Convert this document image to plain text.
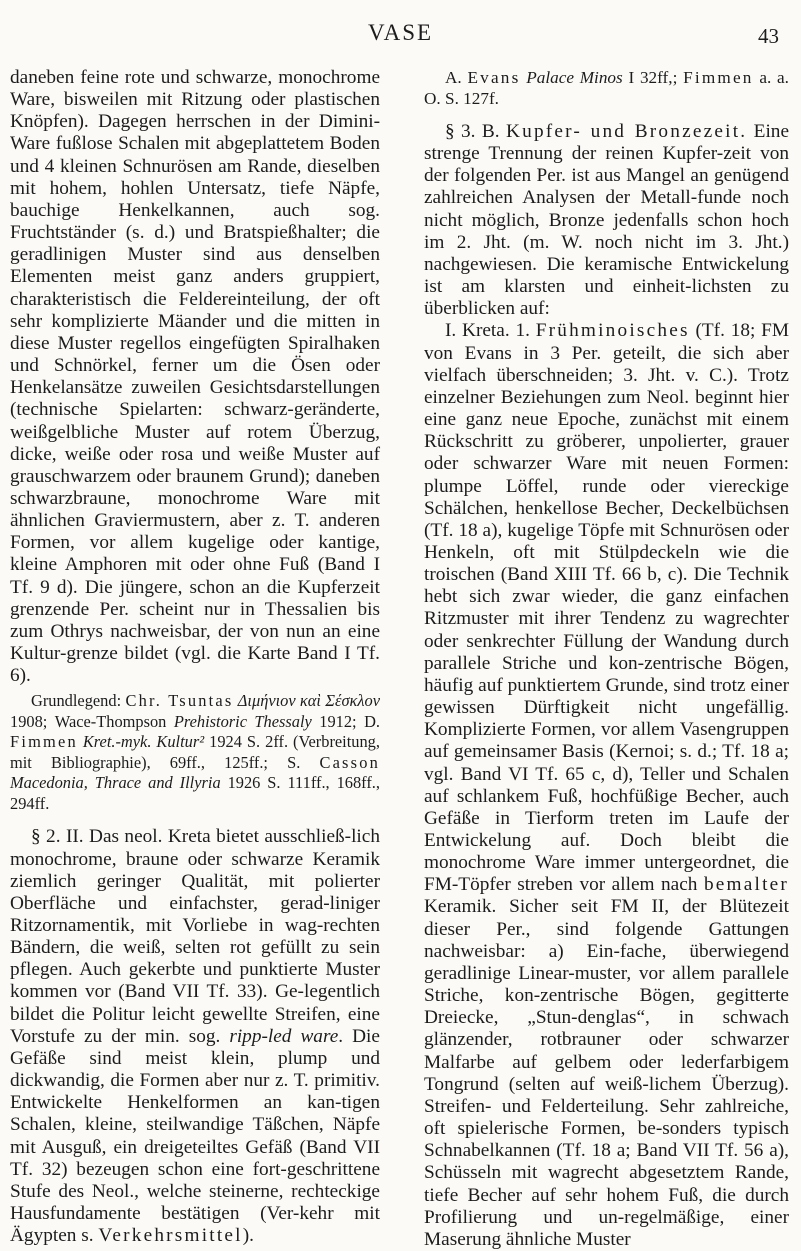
VASE	43

daneben feine rote und schwarze, monochrome Ware, bisweilen mit Ritzung oder plastischen Knöpfen). Dagegen herrschen in der Dimini-Ware fußlose Schalen mit abgeplattetem Boden und 4 kleinen Schnurösen am Rande, dieselben mit hohem, hohlen Untersatz, tiefe Näpfe, bauchige Henkelkannen, auch sog. Fruchtständer (s. d.) und Bratspießhalter; die geradlinigen Muster sind aus denselben Elementen meist ganz anders gruppiert, charakteristisch die Feldereinteilung, der oft sehr komplizierte Mäander und die mitten in diese Muster regellos eingefügten Spiralhaken und Schnörkel, ferner um die Ösen oder Henkelansätze zuweilen Gesichtsdarstellungen (technische Spielarten: schwarz-geränderte, weißgelbliche Muster auf rotem Überzug, dicke, weiße oder rosa und weiße Muster auf grauschwarzem oder braunem Grund); daneben schwarzbraune, monochrome Ware mit ähnlichen Graviermustern, aber z. T. anderen Formen, vor allem kugelige oder kantige, kleine Amphoren mit oder ohne Fuß (Band I Tf. 9 d). Die jüngere, schon an die Kupferzeit grenzende Per. scheint nur in Thessalien bis zum Othrys nachweisbar, der von nun an eine Kultur-grenze bildet (vgl. die Karte Band I Tf. 6).

Grundlegend: Chr. Tsuntas Διμήνιον καὶ Σέσκλον 1908; Wace-Thompson Prehistoric Thessaly 1912; D. Fimmen Kret.-myk. Kultur² 1924 S. 2ff. (Verbreitung, mit Bibliographie), 69ff., 125ff.; S. Casson Macedonia, Thrace and Illyria 1926 S. 111ff., 168ff., 294ff.

§ 2. II. Das neol. Kreta bietet ausschließ-lich monochrome, braune oder schwarze Keramik ziemlich geringer Qualität, mit polierter Oberfläche und einfachster, gerad-liniger Ritzornamentik, mit Vorliebe in wag-rechten Bändern, die weiß, selten rot gefüllt zu sein pflegen. Auch gekerbte und punktierte Muster kommen vor (Band VII Tf. 33). Ge-legentlich bildet die Politur leicht gewellte Streifen, eine Vorstufe zu der min. sog. ripp-led ware. Die Gefäße sind meist klein, plump und dickwandig, die Formen aber nur z. T. primitiv. Entwickelte Henkelformen an kan-tigen Schalen, kleine, steilwandige Täßchen, Näpfe mit Ausguß, ein dreigeteiltes Gefäß (Band VII Tf. 32) bezeugen schon eine fort-geschrittene Stufe des Neol., welche steinerne, rechteckige Hausfundamente bestätigen (Ver-kehr mit Ägypten s. Verkehrsmittel).

A. Evans Palace Minos I 32ff,; Fimmen a. a. O. S. 127f.

§ 3. B. Kupfer- und Bronzezeit. Eine strenge Trennung der reinen Kupfer-zeit von der folgenden Per. ist aus Mangel an genügend zahlreichen Analysen der Metall-funde noch nicht möglich, Bronze jedenfalls schon hoch im 2. Jht. (m. W. noch nicht im 3. Jht.) nachgewiesen. Die keramische Entwickelung ist am klarsten und einheit-lichsten zu überblicken auf:

I. Kreta. 1. Frühminoisches (Tf. 18; FM von Evans in 3 Per. geteilt, die sich aber vielfach überschneiden; 3. Jht. v. C.). Trotz einzelner Beziehungen zum Neol. beginnt hier eine ganz neue Epoche, zunächst mit einem Rückschritt zu gröberer, unpolierter, grauer oder schwarzer Ware mit neuen Formen: plumpe Löffel, runde oder viereckige Schälchen, henkellose Becher, Deckelbüchsen (Tf. 18 a), kugelige Töpfe mit Schnurösen oder Henkeln, oft mit Stülpdeckeln wie die troischen (Band XIII Tf. 66 b, c). Die Technik hebt sich zwar wieder, die ganz einfachen Ritzmuster mit ihrer Tendenz zu wagrechter oder senkrechter Füllung der Wandung durch parallele Striche und kon-zentrische Bögen, häufig auf punktiertem Grunde, sind trotz einer gewissen Dürftigkeit nicht ungefällig. Komplizierte Formen, vor allem Vasengruppen auf gemeinsamer Basis (Kernoi; s. d.; Tf. 18 a; vgl. Band VI Tf. 65 c, d), Teller und Schalen auf schlankem Fuß, hochfüßige Becher, auch Gefäße in Tierform treten im Laufe der Entwickelung auf. Doch bleibt die monochrome Ware immer untergeordnet, die FM-Töpfer streben vor allem nach bemalter Keramik. Sicher seit FM II, der Blütezeit dieser Per., sind folgende Gattungen nachweisbar: a) Ein-fache, überwiegend geradlinige Linear-muster, vor allem parallele Striche, kon-zentrische Bögen, gegitterte Dreiecke, „Stun-denglas“, in schwach glänzender, rotbrauner oder schwarzer Malfarbe auf gelbem oder lederfarbigem Tongrund (selten auf weiß-lichem Überzug). Streifen- und Felderteilung. Sehr zahlreiche, oft spielerische Formen, be-sonders typisch Schnabelkannen (Tf. 18 a; Band VII Tf. 56 a), Schüsseln mit wagrecht abgesetztem Rande, tiefe Becher auf sehr hohem Fuß, die durch Profilierung und un-regelmäßige, einer Maserung ähnliche Muster
